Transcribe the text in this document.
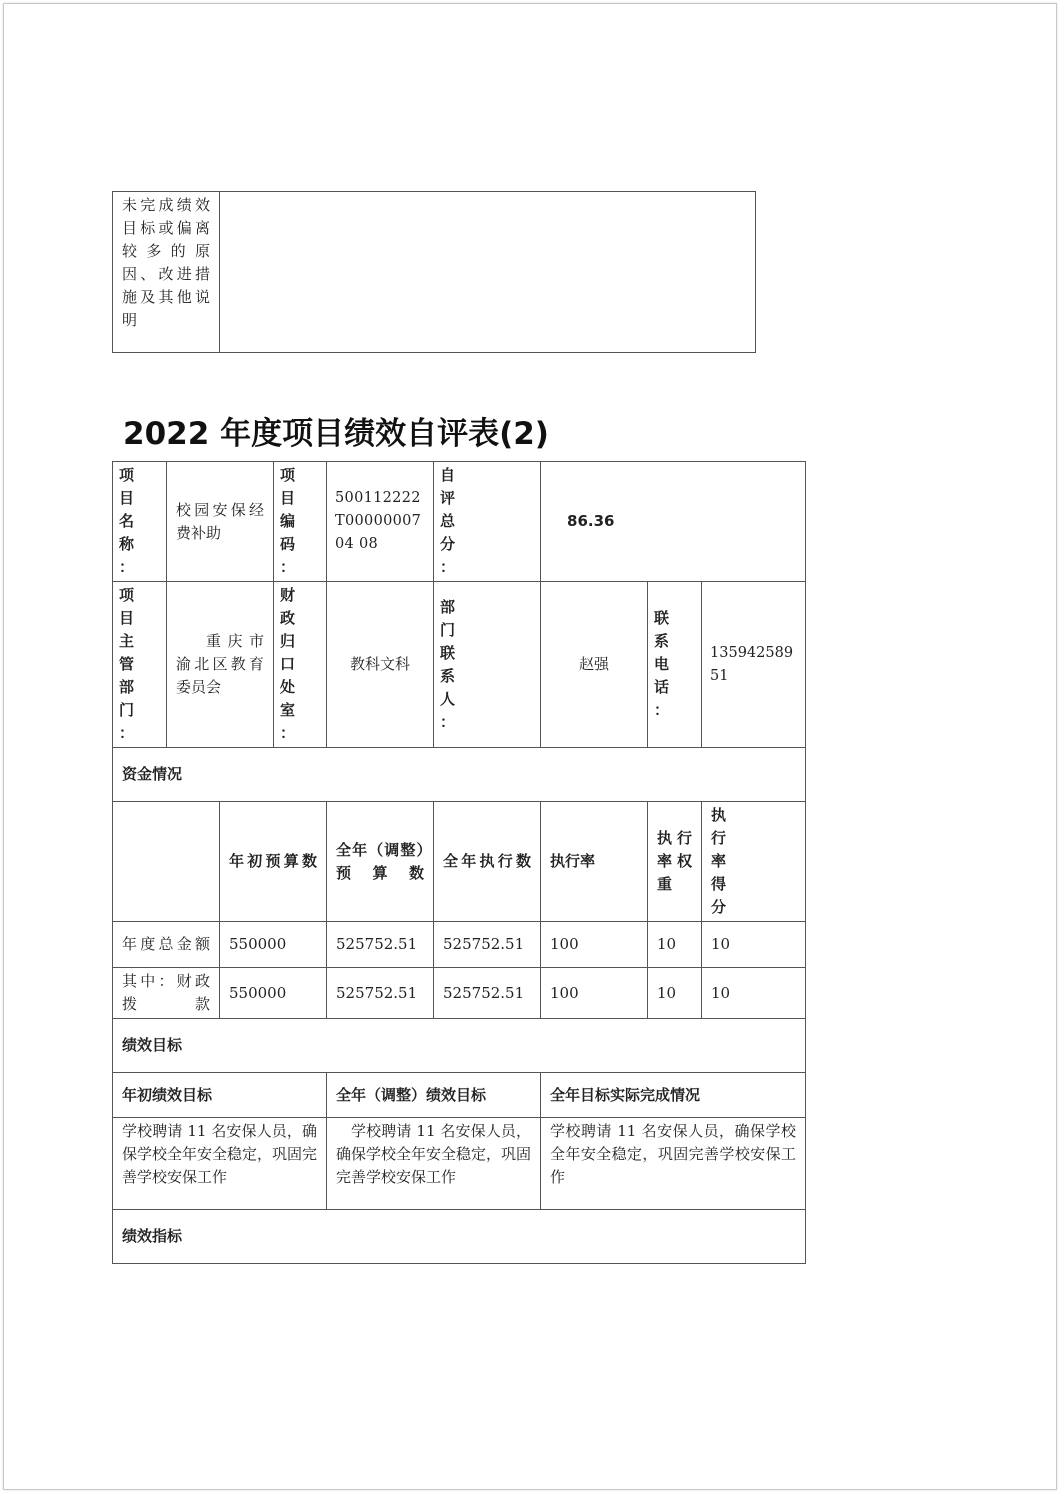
未完成绩效目标或偏离较多的原因、改进措施及其他说明	
2022 年度项目绩效自评表(2)
项目名称：	校园安保经费补助		项目编码：	500112222T0000000704 08	自评总分：	86.36		

项目主管部门：	重庆市渝北区教育委员会		财政归口处室：	教科文科	部门联系人：	赵强	联系电话：	13594258951
资金情况								
		年初预算数		全年（调整）预算数	全年执行数	执行率	执行率权重	执行率得分

年度总金额		550000		525752.51	525752.51	100	10	10
其中：财政拨款		550000		525752.51	525752.51	100	10	10
绩效目标								
年初绩效目标				全年（调整）绩效目标		全年目标实际完成情况		
学校聘请 11 名安保人员，确保学校全年安全稳定，巩固完善学校安保工作				学校聘请 11 名安保人员，确保学校全年安全稳定，巩固完善学校安保工作		学校聘请 11 名安保人员，确保学校全年安全稳定，巩固完善学校安保工作		
绩效指标								
